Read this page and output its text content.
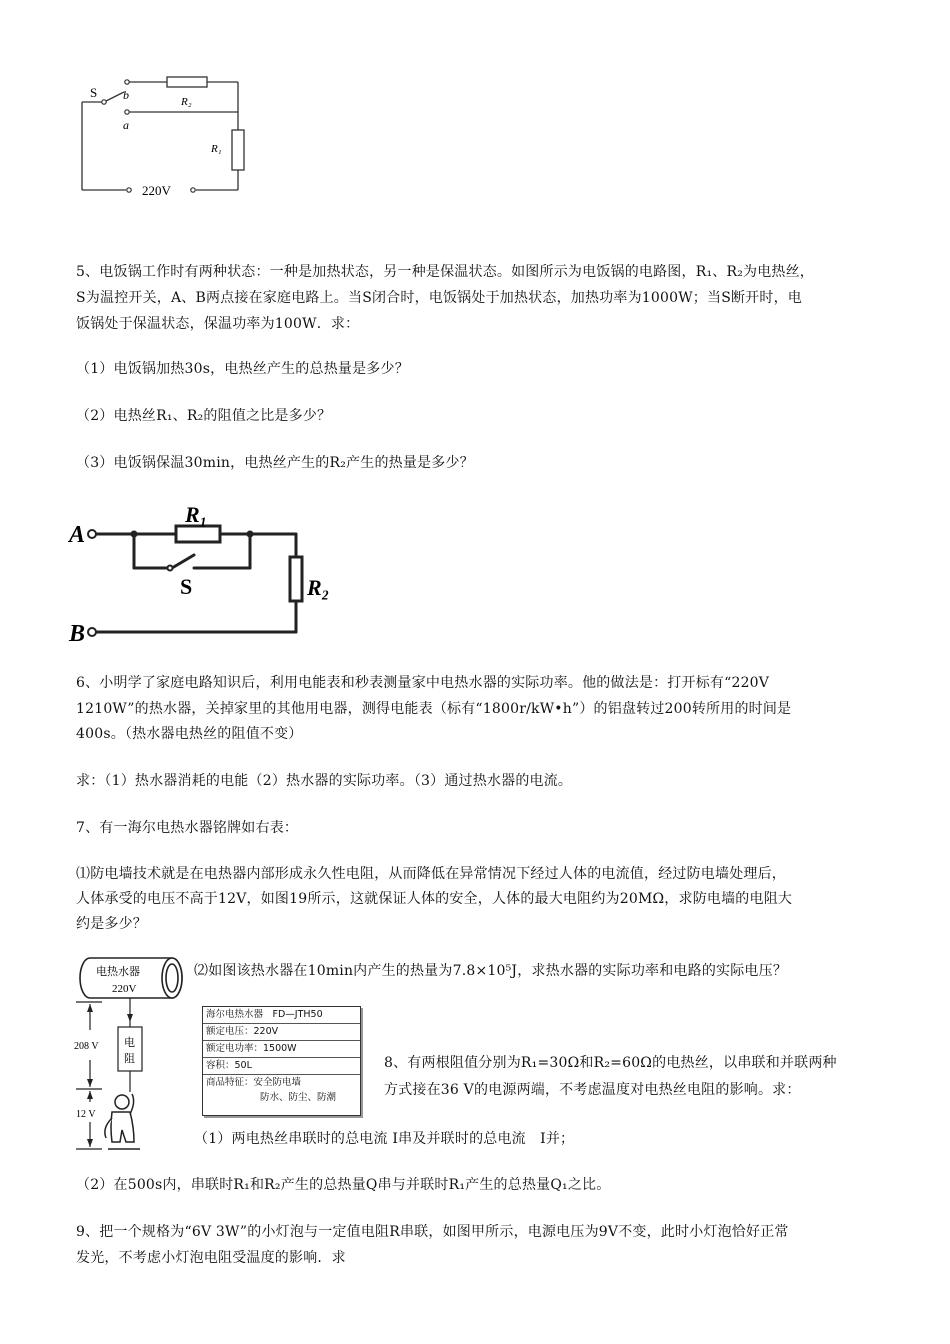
S b
a
R₂
R₁
220V
5、电饭锅工作时有两种状态：一种是加热状态，另一种是保温状态。如图所示为电饭锅的电路图，R₁、R₂为电热丝，
S为温控开关，A、B两点接在家庭电路上。当S闭合时，电饭锅处于加热状态，加热功率为1000W；当S断开时，电
饭锅处于保温状态，保温功率为100W．求：
（1）电饭锅加热30s，电热丝产生的总热量是多少？
（2）电热丝R₁、R₂的阻值之比是多少？
（3）电饭锅保温30min，电热丝产生的R₂产生的热量是多少？
A
B
R₁
R₂
S
6、小明学了家庭电路知识后，利用电能表和秒表测量家中电热水器的实际功率。他的做法是：打开标有“220V
1210W”的热水器，关掉家里的其他用电器，测得电能表（标有“1800r/kW•h”）的铝盘转过200转所用的时间是
400s。（热水器电热丝的阻值不变）
求：（1）热水器消耗的电能（2）热水器的实际功率。（3）通过热水器的电流。
7、有一海尔电热水器铭牌如右表：
⑴防电墙技术就是在电热器内部形成永久性电阻，从而降低在异常情况下经过人体的电流值，经过防电墙处理后，
人体承受的电压不高于12V，如图19所示，这就保证人体的安全，人体的最大电阻约为20MΩ，求防电墙的电阻大
约是多少？
电热水器
220V
电
阻
208 V
12 V
⑵如图该热水器在10min内产生的热量为7.8×10⁵J，求热水器的实际功率和电路的实际电压？
海尔电热水器　FD—JTH50
额定电压：220V
额定电功率：1500W
容积：50L
商品特征：安全防电墙
防水、防尘、防潮
8、有两根阻值分别为R₁=30Ω和R₂=60Ω的电热丝，以串联和并联两种
方式接在36 V的电源两端，不考虑温度对电热丝电阻的影响。求：
（1）两电热丝串联时的总电流 I串及并联时的总电流　I并；
（2）在500s内，串联时R₁和R₂产生的总热量Q串与并联时R₁产生的总热量Q₁之比。
9、把一个规格为“6V 3W”的小灯泡与一定值电阻R串联，如图甲所示，电源电压为9V不变，此时小灯泡恰好正常
发光，不考虑小灯泡电阻受温度的影响．求
